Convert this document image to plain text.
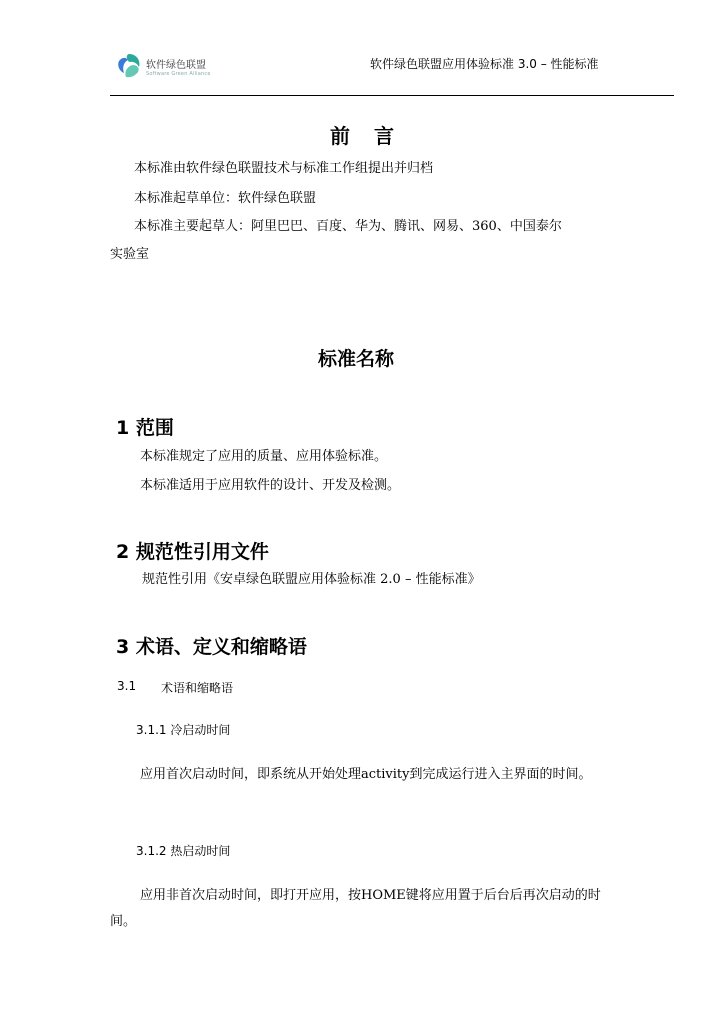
软件绿色联盟
Software Green Alliance
软件绿色联盟应用体验标准 3.0 – 性能标准
前言
本标准由软件绿色联盟技术与标准工作组提出并归档
本标准起草单位：软件绿色联盟
本标准主要起草人：阿里巴巴、百度、华为、腾讯、网易、360、中国泰尔
实验室
标准名称
1 范围
本标准规定了应用的质量、应用体验标准。
本标准适用于应用软件的设计、开发及检测。
2 规范性引用文件
规范性引用《安卓绿色联盟应用体验标准 2.0 – 性能标准》
3 术语、定义和缩略语
3.1 术语和缩略语
3.1.1 冷启动时间
应用首次启动时间，即系统从开始处理activity到完成运行进入主界面的时间。
3.1.2 热启动时间
应用非首次启动时间，即打开应用，按HOME键将应用置于后台后再次启动的时间。
